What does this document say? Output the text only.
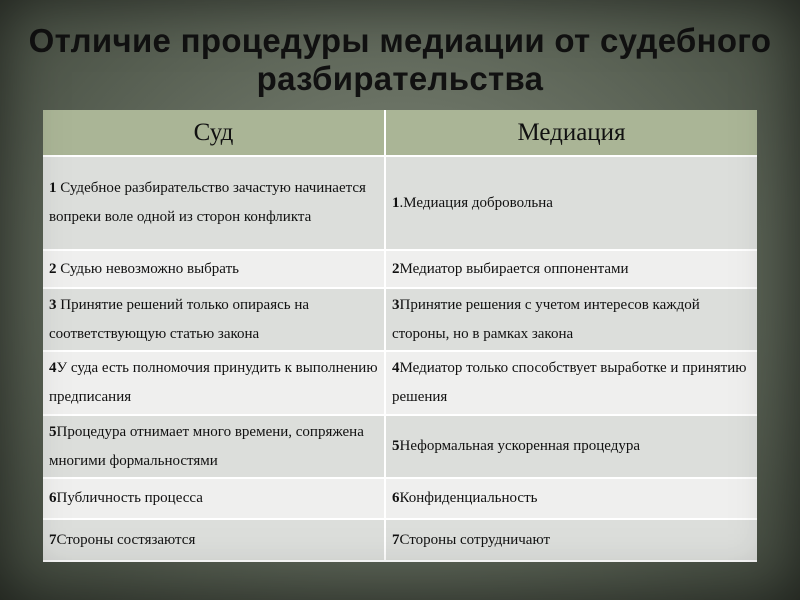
Отличие процедуры медиации от судебного
разбирательства
Суд	Медиация
1 Судебное разбирательство зачастую начинается вопреки воле одной из сторон конфликта	1.Медиация добровольна
2 Судью невозможно выбрать	2Медиатор выбирается оппонентами
3 Принятие решений только опираясь на соответствующую статью закона	3Принятие решения с учетом интересов каждой стороны, но в рамках закона
4У суда есть полномочия принудить к выполнению предписания	4Медиатор только способствует выработке и принятию решения
5Процедура отнимает много времени, сопряжена многими формальностями	5Неформальная ускоренная процедура
6Публичность процесса	6Конфиденциальность
7Стороны состязаются	7Стороны сотрудничают
